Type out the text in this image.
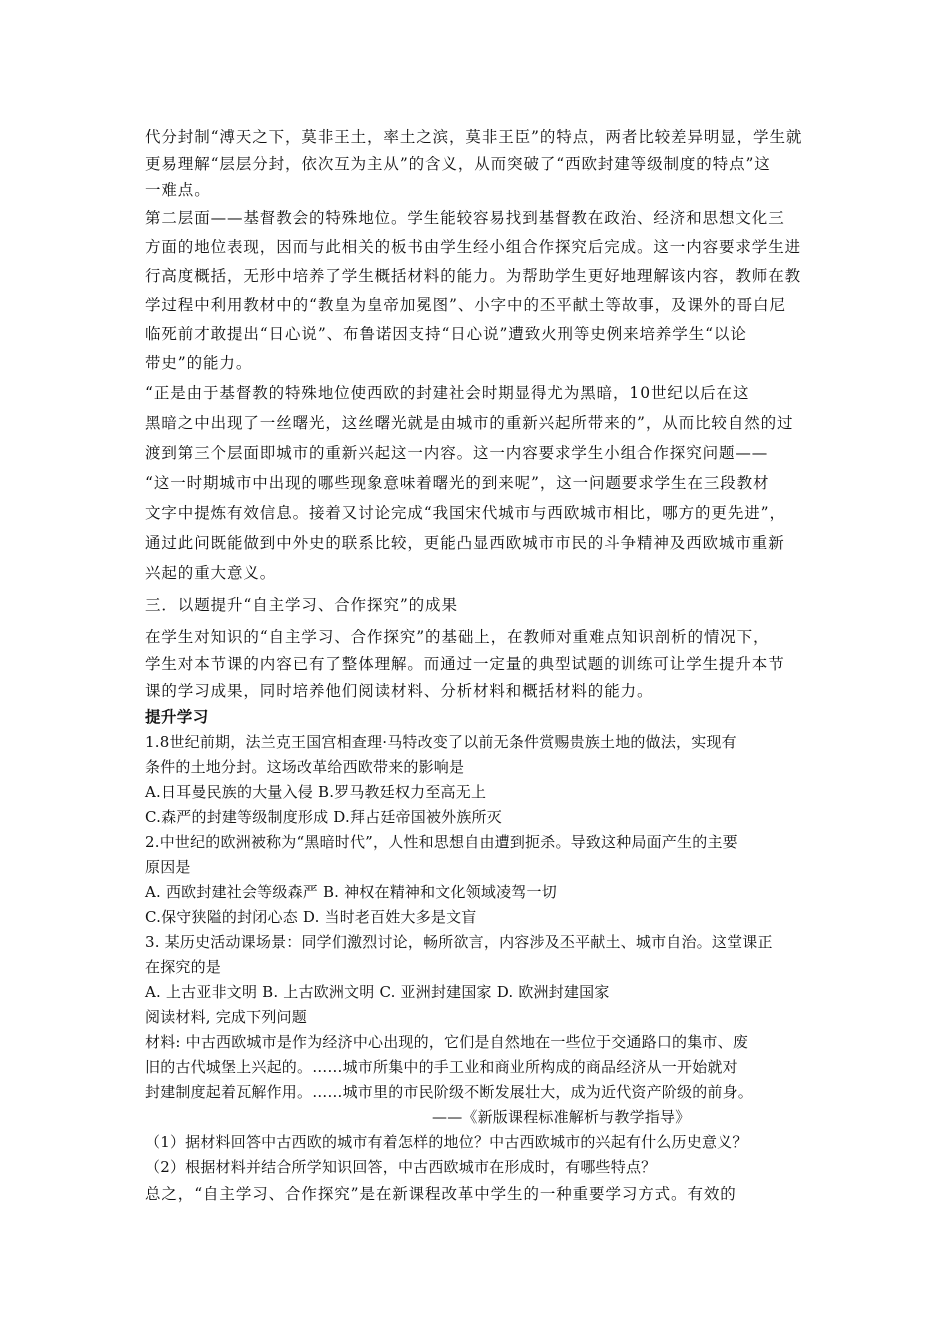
代分封制“溥天之下，莫非王土，率土之滨，莫非王臣”的特点，两者比较差异明显，学生就
更易理解“层层分封，依次互为主从”的含义，从而突破了“西欧封建等级制度的特点”这
一难点。
第二层面——基督教会的特殊地位。学生能较容易找到基督教在政治、经济和思想文化三
方面的地位表现，因而与此相关的板书由学生经小组合作探究后完成。这一内容要求学生进
行高度概括，无形中培养了学生概括材料的能力。为帮助学生更好地理解该内容，教师在教
学过程中利用教材中的“教皇为皇帝加冕图”、小字中的丕平献土等故事，及课外的哥白尼
临死前才敢提出“日心说”、布鲁诺因支持“日心说”遭致火刑等史例来培养学生“以论
带史”的能力。
“正是由于基督教的特殊地位使西欧的封建社会时期显得尤为黑暗，10世纪以后在这
黑暗之中出现了一丝曙光，这丝曙光就是由城市的重新兴起所带来的”，从而比较自然的过
渡到第三个层面即城市的重新兴起这一内容。这一内容要求学生小组合作探究问题——
“这一时期城市中出现的哪些现象意味着曙光的到来呢”，这一问题要求学生在三段教材
文字中提炼有效信息。接着又讨论完成“我国宋代城市与西欧城市相比，哪方的更先进”，
通过此问既能做到中外史的联系比较，更能凸显西欧城市市民的斗争精神及西欧城市重新
兴起的重大意义。
三．以题提升“自主学习、合作探究”的成果
在学生对知识的“自主学习、合作探究”的基础上，在教师对重难点知识剖析的情况下，
学生对本节课的内容已有了整体理解。而通过一定量的典型试题的训练可让学生提升本节
课的学习成果，同时培养他们阅读材料、分析材料和概括材料的能力。
提升学习
1.8世纪前期，法兰克王国宫相查理·马特改变了以前无条件赏赐贵族土地的做法，实现有
条件的土地分封。这场改革给西欧带来的影响是
A.日耳曼民族的大量入侵 B.罗马教廷权力至高无上
C.森严的封建等级制度形成 D.拜占廷帝国被外族所灭
2.中世纪的欧洲被称为“黑暗时代”，人性和思想自由遭到扼杀。导致这种局面产生的主要
原因是
A. 西欧封建社会等级森严 B. 神权在精神和文化领域凌驾一切
C.保守狭隘的封闭心态 D. 当时老百姓大多是文盲
3. 某历史活动课场景：同学们激烈讨论，畅所欲言，内容涉及丕平献土、城市自治。这堂课正
在探究的是
A. 上古亚非文明 B. 上古欧洲文明 C. 亚洲封建国家 D. 欧洲封建国家
阅读材料, 完成下列问题
材料: 中古西欧城市是作为经济中心出现的，它们是自然地在一些位于交通路口的集市、废
旧的古代城堡上兴起的。……城市所集中的手工业和商业所构成的商品经济从一开始就对
封建制度起着瓦解作用。……城市里的市民阶级不断发展壮大，成为近代资产阶级的前身。
——《新版课程标准解析与教学指导》
（1）据材料回答中古西欧的城市有着怎样的地位？中古西欧城市的兴起有什么历史意义？
（2）根据材料并结合所学知识回答，中古西欧城市在形成时，有哪些特点？
总之，“自主学习、合作探究”是在新课程改革中学生的一种重要学习方式。有效的
